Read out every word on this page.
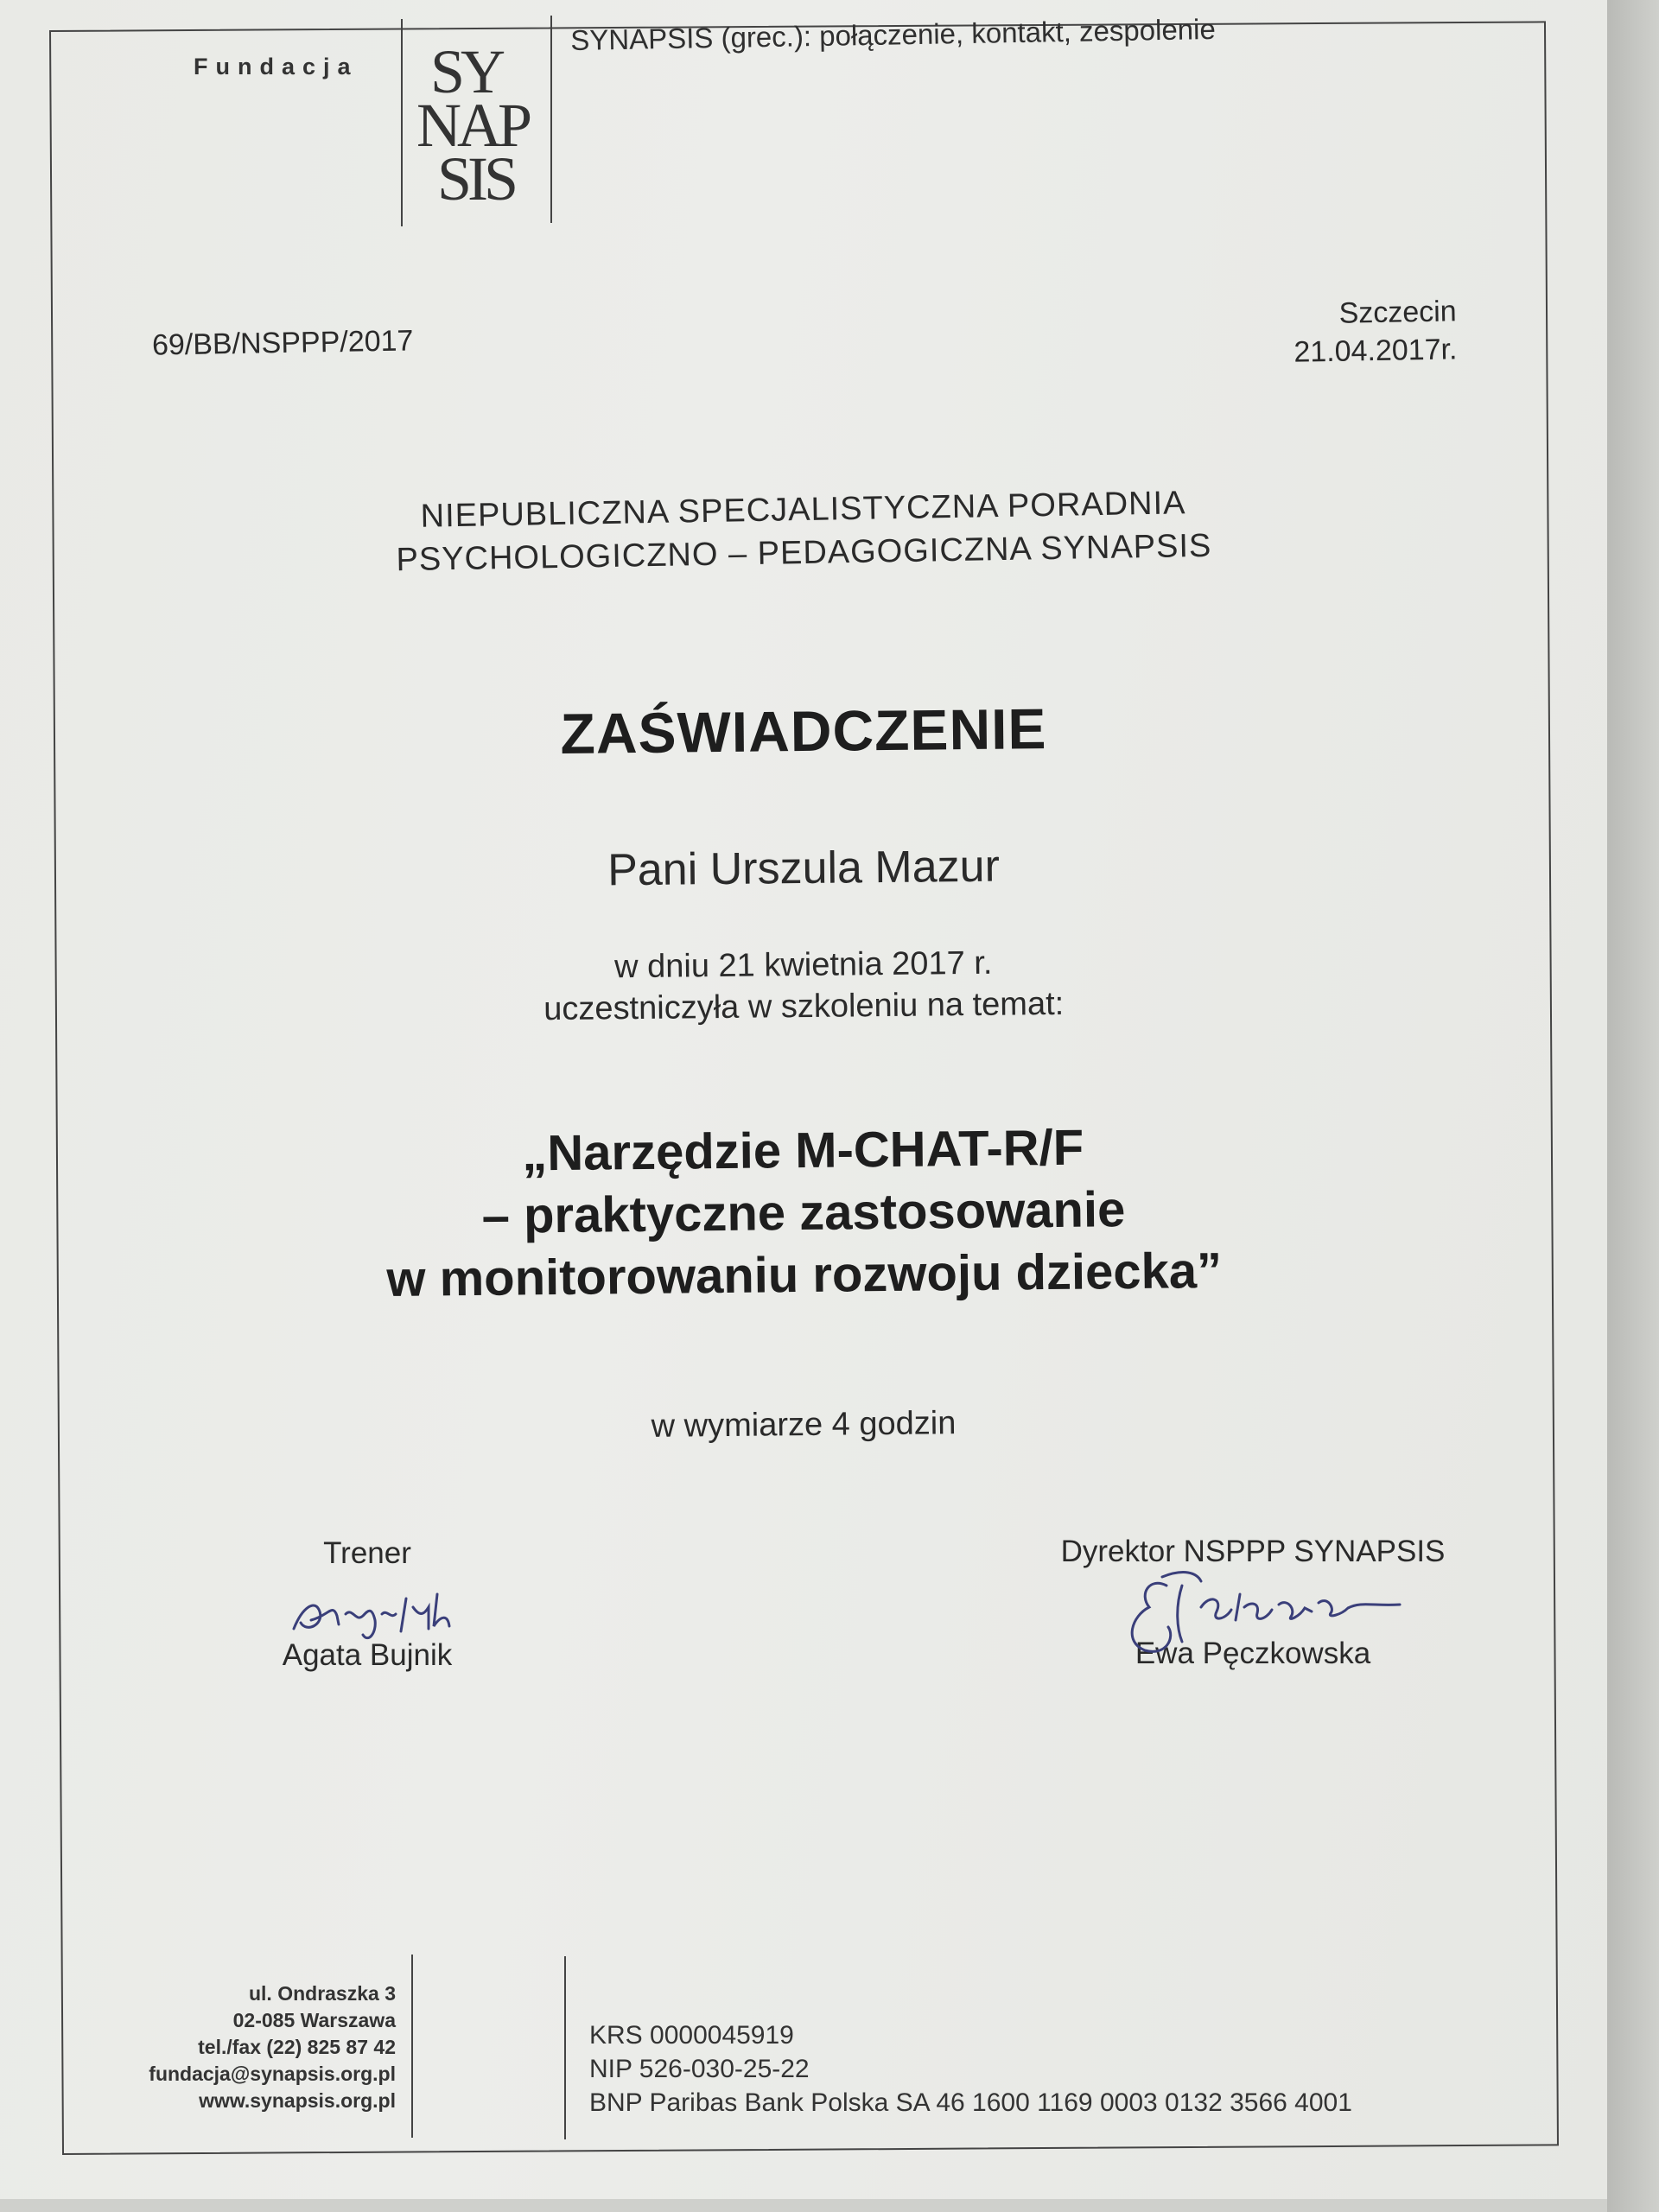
Fundacja SY
NAP
SIS
SYNAPSIS (grec.): połączenie, kontakt, zespolenie
69/BB/NSPPP/2017
Szczecin
21.04.2017r.
NIEPUBLICZNA SPECJALISTYCZNA PORADNIA
PSYCHOLOGICZNO – PEDAGOGICZNA SYNAPSIS
ZAŚWIADCZENIE
Pani Urszula Mazur
w dniu 21 kwietnia 2017 r.
uczestniczyła w szkoleniu na temat:
„Narzędzie M-CHAT-R/F
– praktyczne zastosowanie
w monitorowaniu rozwoju dziecka”
w wymiarze 4 godzin
Trener
Agata Bujnik
Dyrektor NSPPP SYNAPSIS
Ewa Pęczkowska
ul. Ondraszka 3
02-085 Warszawa
tel./fax (22) 825 87 42
fundacja@synapsis.org.pl
www.synapsis.org.pl
KRS 0000045919
NIP 526-030-25-22
BNP Paribas Bank Polska SA 46 1600 1169 0003 0132 3566 4001
